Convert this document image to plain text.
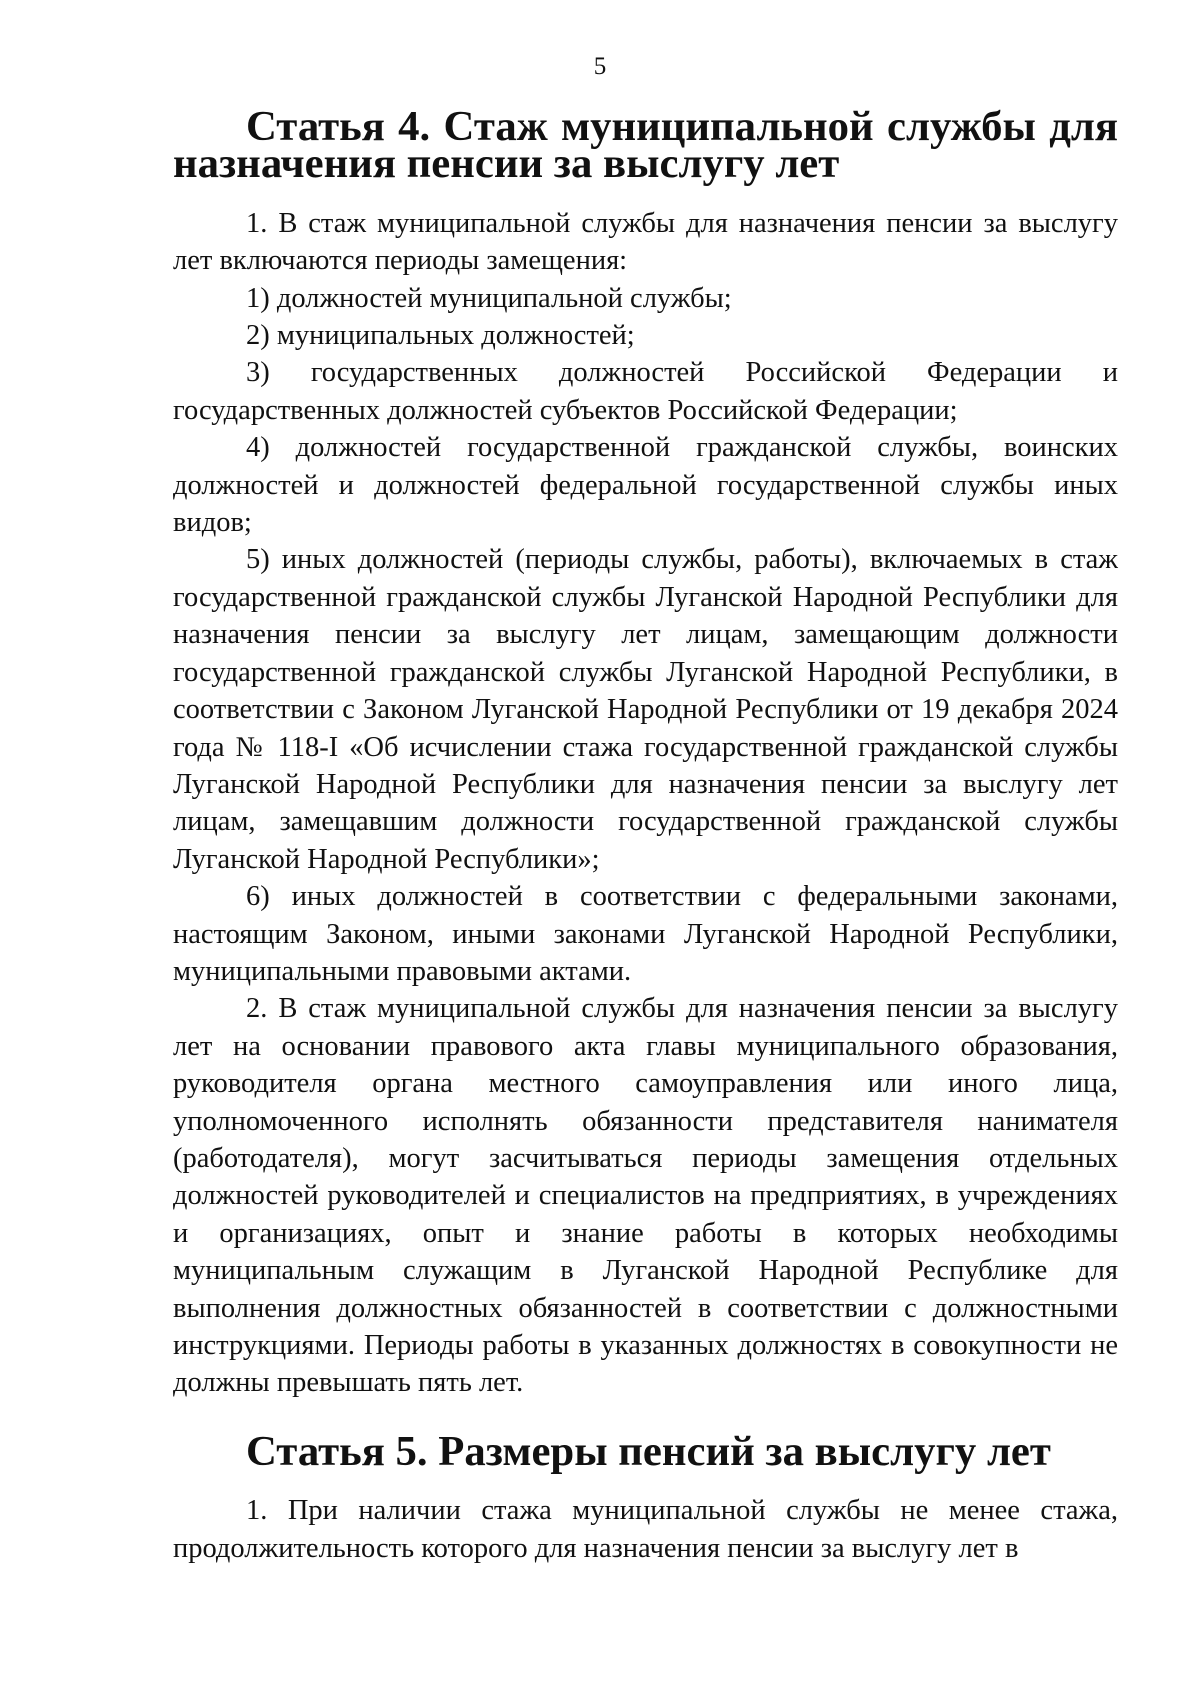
5
Статья 4. Стаж муниципальной службы для назначения пенсии за выслугу лет

1. В стаж муниципальной службы для назначения пенсии за выслугу лет включаются периоды замещения:

1) должностей муниципальной службы;

2) муниципальных должностей;

3) государственных должностей Российской Федерации и государственных должностей субъектов Российской Федерации;

4) должностей государственной гражданской службы, воинских должностей и должностей федеральной государственной службы иных видов;

5) иных должностей (периоды службы, работы), включаемых в стаж государственной гражданской службы Луганской Народной Республики для назначения пенсии за выслугу лет лицам, замещающим должности государственной гражданской службы Луганской Народной Республики, в соответствии с Законом Луганской Народной Республики от 19 декабря 2024 года № 118-I «Об исчислении стажа государственной гражданской службы Луганской Народной Республики для назначения пенсии за выслугу лет лицам, замещавшим должности государственной гражданской службы Луганской Народной Республики»;

6) иных должностей в соответствии с федеральными законами, настоящим Законом, иными законами Луганской Народной Республики, муниципальными правовыми актами.

2. В стаж муниципальной службы для назначения пенсии за выслугу лет на основании правового акта главы муниципального образования, руководителя органа местного самоуправления или иного лица, уполномоченного исполнять обязанности представителя нанимателя (работодателя), могут засчитываться периоды замещения отдельных должностей руководителей и специалистов на предприятиях, в учреждениях и организациях, опыт и знание работы в которых необходимы муниципальным служащим в Луганской Народной Республике для выполнения должностных обязанностей в соответствии с должностными инструкциями. Периоды работы в указанных должностях в совокупности не должны превышать пять лет.

Статья 5. Размеры пенсий за выслугу лет

1. При наличии стажа муниципальной службы не менее стажа, продолжительность которого для назначения пенсии за выслугу лет в
